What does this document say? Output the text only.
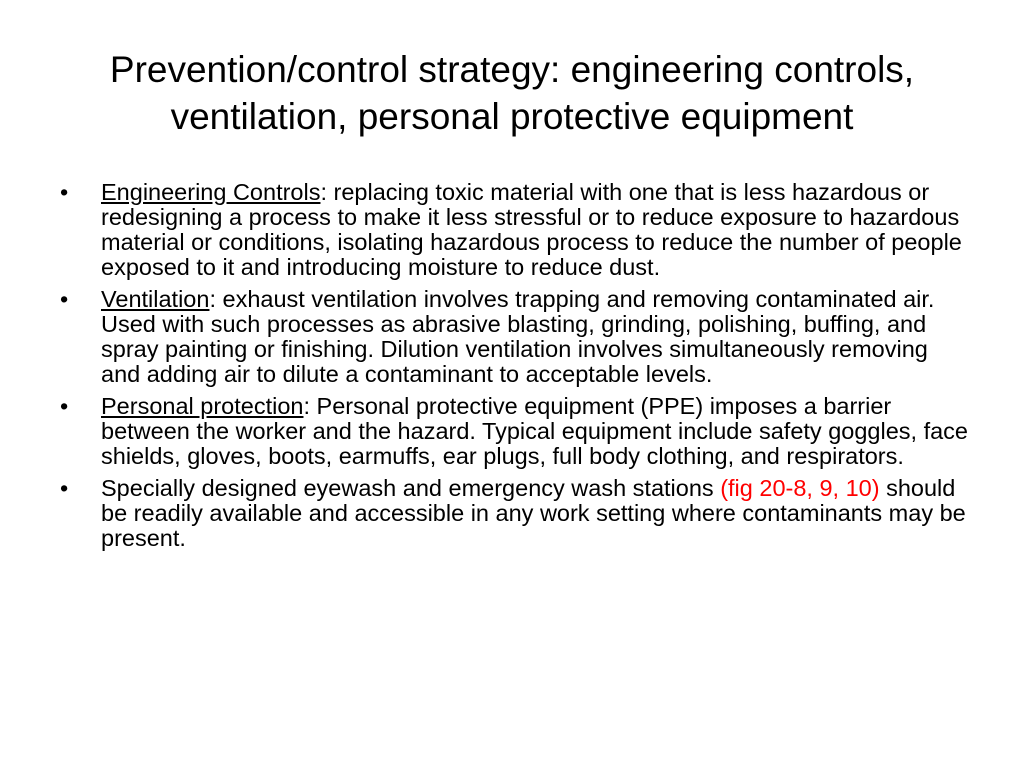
Prevention/control strategy: engineering controls,
ventilation, personal protective equipment
•	Engineering Controls: replacing toxic material with one that is less hazardous or redesigning a process to make it less stressful or to reduce exposure to hazardous material or conditions, isolating hazardous process to reduce the number of people exposed to it and introducing moisture to reduce dust.
•	Ventilation: exhaust ventilation involves trapping and removing contaminated air. Used with such processes as abrasive blasting, grinding, polishing, buffing, and spray painting or finishing. Dilution ventilation involves simultaneously removing and adding air to dilute a contaminant to acceptable levels.
•	Personal protection: Personal protective equipment (PPE) imposes a barrier between the worker and the hazard. Typical equipment include safety goggles, face shields, gloves, boots, earmuffs, ear plugs, full body clothing, and respirators.
•	Specially designed eyewash and emergency wash stations (fig 20-8, 9, 10) should be readily available and accessible in any work setting where contaminants may be present.
